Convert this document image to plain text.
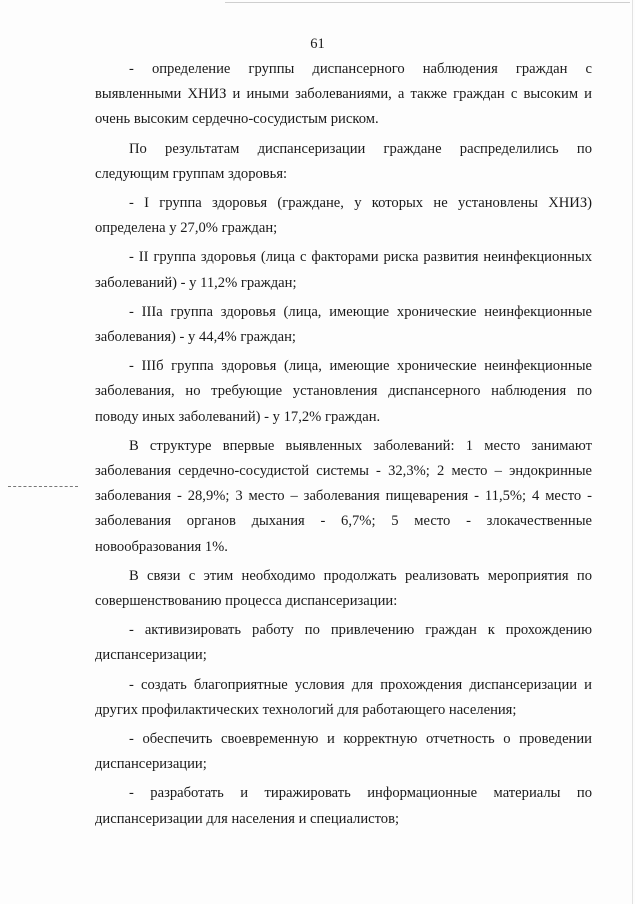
61

- определение группы диспансерного наблюдения граждан с выявленными ХНИЗ и иными заболеваниями, а также граждан с высоким и очень высоким сердечно-сосудистым риском.

По результатам диспансеризации граждане распределились по следующим группам здоровья:

- I группа здоровья (граждане, у которых не установлены ХНИЗ) определена у 27,0% граждан;

- II группа здоровья (лица с факторами риска развития неинфекционных заболеваний) - у 11,2% граждан;

- IIIа группа здоровья (лица, имеющие хронические неинфекционные заболевания) - у 44,4% граждан;

- IIIб группа здоровья (лица, имеющие хронические неинфекционные заболевания, но требующие установления диспансерного наблюдения по поводу иных заболеваний) - у 17,2% граждан.

В структуре впервые выявленных заболеваний: 1 место занимают заболевания сердечно-сосудистой системы - 32,3%; 2 место – эндокринные заболевания - 28,9%; 3 место – заболевания пищеварения - 11,5%; 4 место - заболевания органов дыхания - 6,7%; 5 место - злокачественные новообразования 1%.

В связи с этим необходимо продолжать реализовать мероприятия по совершенствованию процесса диспансеризации:

- активизировать работу по привлечению граждан к прохождению диспансеризации;

- создать благоприятные условия для прохождения диспансеризации и других профилактических технологий для работающего населения;

- обеспечить своевременную и корректную отчетность о проведении диспансеризации;

- разработать и тиражировать информационные материалы по диспансеризации для населения и специалистов;
